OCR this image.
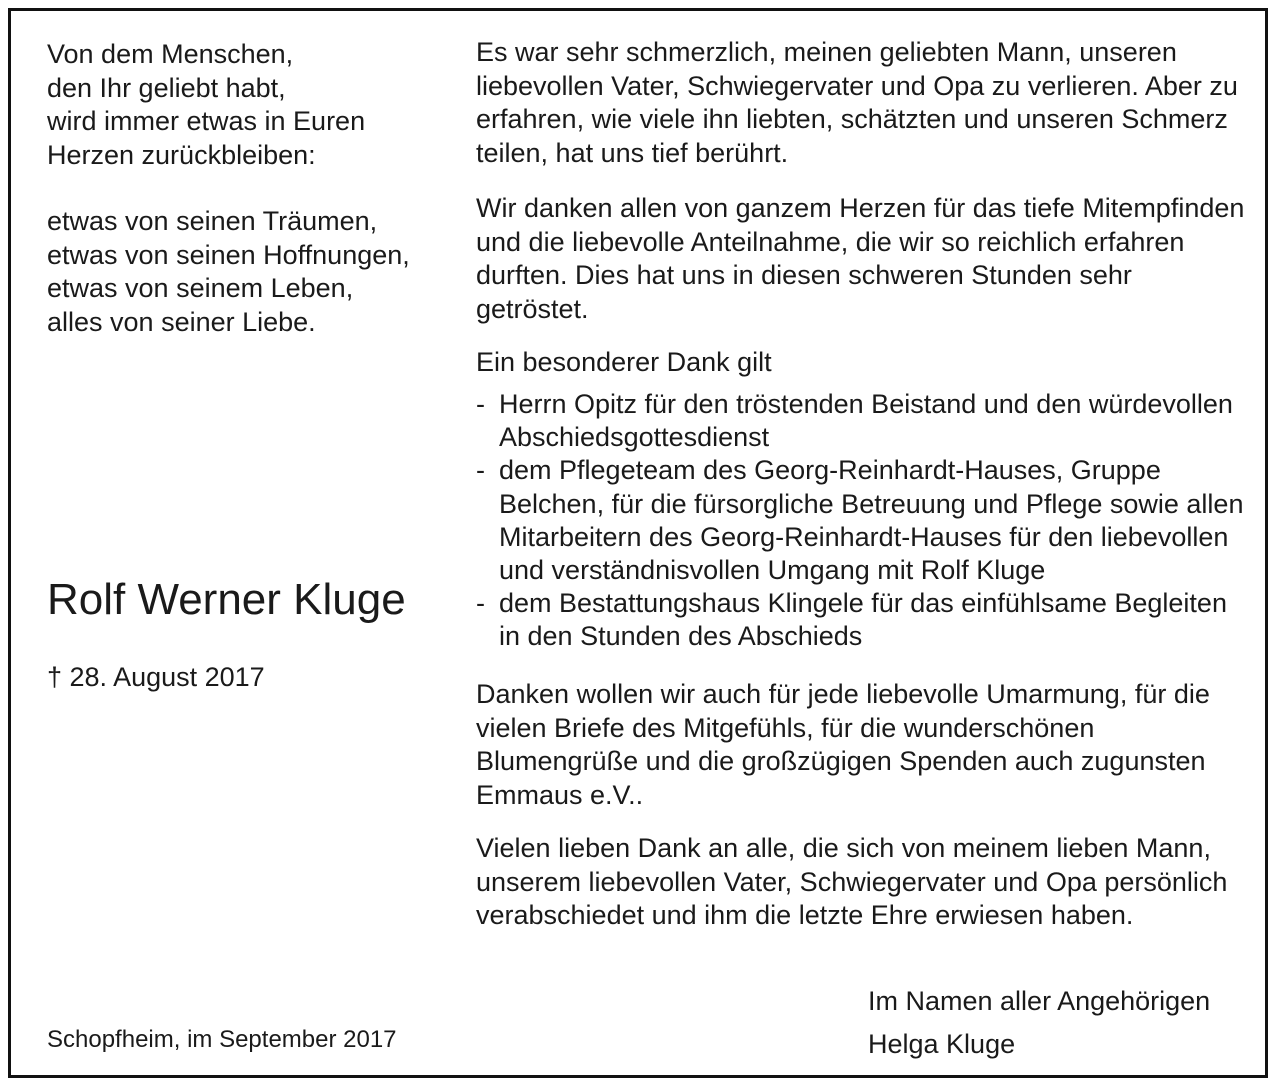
Von dem Menschen,
den Ihr geliebt habt,
wird immer etwas in Euren
Herzen zurückbleiben:
etwas von seinen Träumen,
etwas von seinen Hoffnungen,
etwas von seinem Leben,
alles von seiner Liebe.
Rolf Werner Kluge
† 28. August 2017
Schopfheim, im September 2017

Es war sehr schmerzlich, meinen geliebten Mann, unseren liebevollen Vater, Schwiegervater und Opa zu verlieren. Aber zu erfahren, wie viele ihn liebten, schätzten und unseren Schmerz teilen, hat uns tief berührt.

Wir danken allen von ganzem Herzen für das tiefe Mitempfinden und die liebevolle Anteilnahme, die wir so reichlich erfahren durften. Dies hat uns in diesen schweren Stunden sehr getröstet.

Ein besonderer Dank gilt

- Herrn Opitz für den tröstenden Beistand und den würdevollen Abschiedsgottesdienst
- dem Pflegeteam des Georg-Reinhardt-Hauses, Gruppe Belchen, für die fürsorgliche Betreuung und Pflege sowie allen Mitarbeitern des Georg-Reinhardt-Hauses für den liebevollen und verständnisvollen Umgang mit Rolf Kluge
- dem Bestattungshaus Klingele für das einfühlsame Begleiten in den Stunden des Abschieds

Danken wollen wir auch für jede liebevolle Umarmung, für die vielen Briefe des Mitgefühls, für die wunderschönen Blumengrüße und die großzügigen Spenden auch zugunsten Emmaus e.V..

Vielen lieben Dank an alle, die sich von meinem lieben Mann, unserem liebevollen Vater, Schwiegervater und Opa persönlich verabschiedet und ihm die letzte Ehre erwiesen haben.

Im Namen aller Angehörigen
Helga Kluge
